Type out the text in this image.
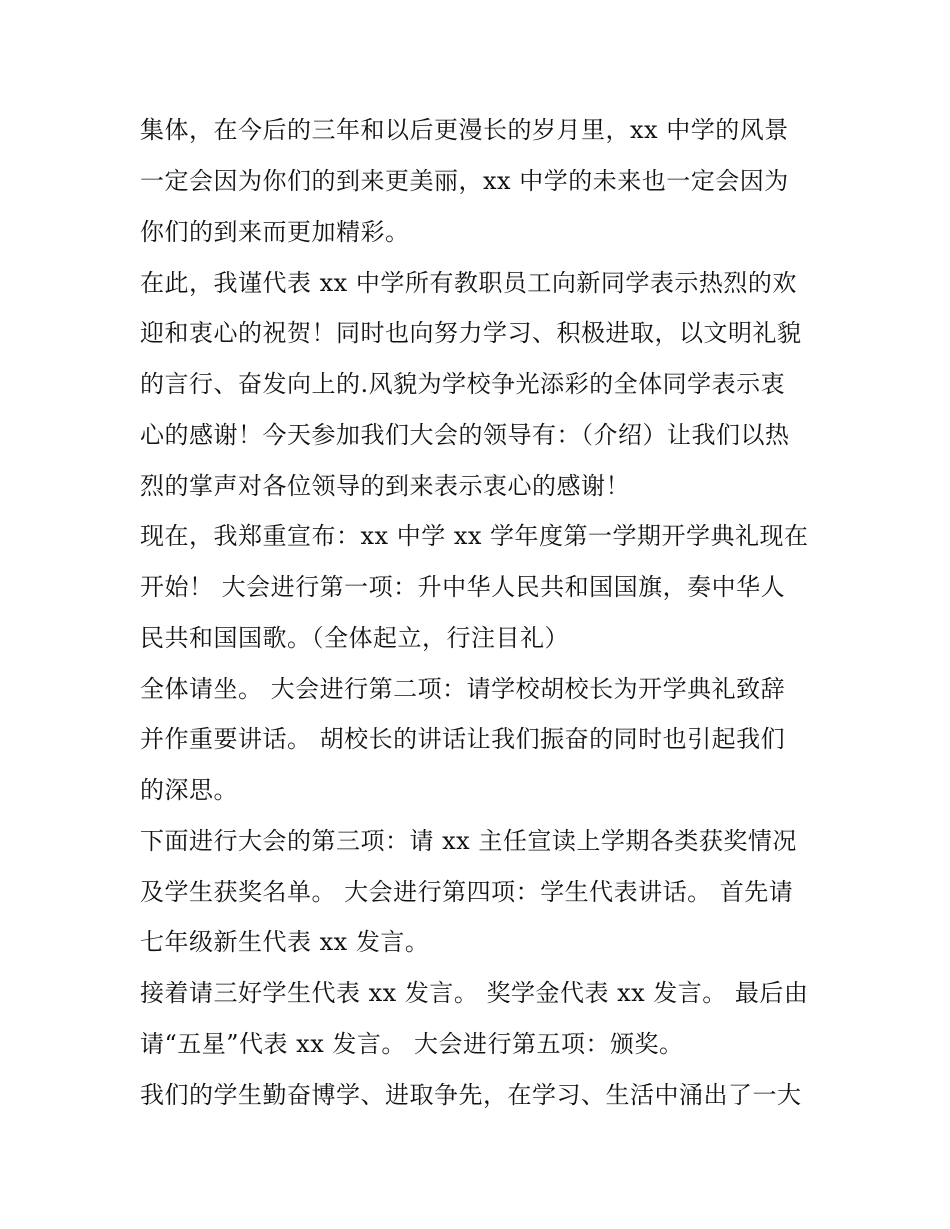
集体，在今后的三年和以后更漫长的岁月里，xx 中学的风景
一定会因为你们的到来更美丽，xx 中学的未来也一定会因为
你们的到来而更加精彩。
在此，我谨代表 xx 中学所有教职员工向新同学表示热烈的欢
迎和衷心的祝贺！同时也向努力学习、积极进取，以文明礼貌
的言行、奋发向上的.风貌为学校争光添彩的全体同学表示衷
心的感谢！今天参加我们大会的领导有：（介绍）让我们以热
烈的掌声对各位领导的到来表示衷心的感谢！
现在，我郑重宣布：xx 中学 xx 学年度第一学期开学典礼现在
开始！ 大会进行第一项：升中华人民共和国国旗，奏中华人
民共和国国歌。（全体起立，行注目礼）
全体请坐。 大会进行第二项：请学校胡校长为开学典礼致辞
并作重要讲话。 胡校长的讲话让我们振奋的同时也引起我们
的深思。
下面进行大会的第三项：请 xx 主任宣读上学期各类获奖情况
及学生获奖名单。 大会进行第四项：学生代表讲话。 首先请
七年级新生代表 xx 发言。
接着请三好学生代表 xx 发言。 奖学金代表 xx 发言。 最后由
请“五星”代表 xx 发言。 大会进行第五项：颁奖。
我们的学生勤奋博学、进取争先，在学习、生活中涌出了一大
